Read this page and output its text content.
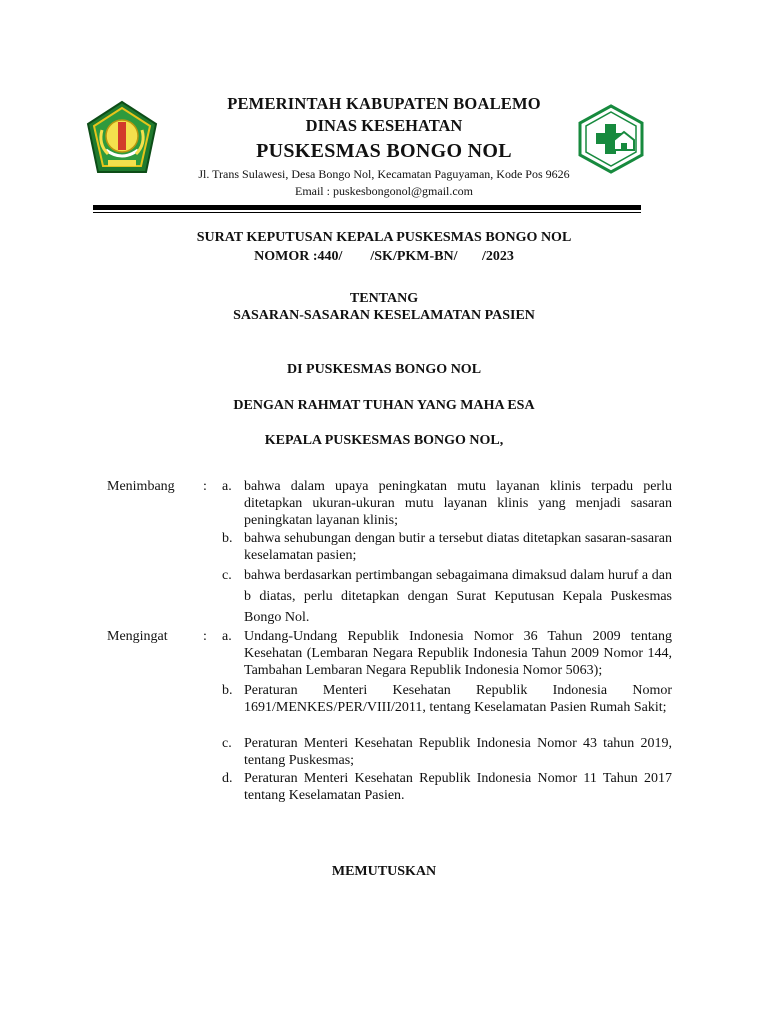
PEMERINTAH KABUPATEN BOALEMO
DINAS KESEHATAN
PUSKESMAS BONGO NOL
Jl. Trans Sulawesi, Desa Bongo Nol, Kecamatan Paguyaman, Kode Pos 9626
Email : puskesbongonol@gmail.com
SURAT KEPUTUSAN KEPALA PUSKESMAS BONGO NOL
NOMOR :440/        /SK/PKM-BN/       /2023
TENTANG
SASARAN-SASARAN KESELAMATAN PASIEN
DI PUSKESMAS BONGO NOL
DENGAN RAHMAT TUHAN YANG MAHA ESA
KEPALA PUSKESMAS BONGO NOL,
Menimbang : a. bahwa dalam upaya peningkatan mutu layanan klinis terpadu perlu ditetapkan ukuran-ukuran mutu layanan klinis yang menjadi sasaran peningkatan layanan klinis;
b. bahwa sehubungan dengan butir a tersebut diatas ditetapkan sasaran-sasaran keselamatan pasien;
c. bahwa berdasarkan pertimbangan sebagaimana dimaksud dalam huruf a dan b diatas, perlu ditetapkan dengan Surat Keputusan Kepala Puskesmas Bongo Nol.
Mengingat	: a. Undang-Undang Republik Indonesia Nomor 36 Tahun 2009 tentang Kesehatan (Lembaran Negara Republik Indonesia Tahun 2009 Nomor 144, Tambahan Lembaran Negara Republik Indonesia Nomor 5063);
b. Peraturan Menteri Kesehatan Republik Indonesia Nomor 1691/MENKES/PER/VIII/2011, tentang Keselamatan Pasien Rumah Sakit;
c. Peraturan Menteri Kesehatan Republik Indonesia Nomor 43 tahun 2019, tentang Puskesmas;
d. Peraturan Menteri Kesehatan Republik Indonesia Nomor 11 Tahun 2017 tentang Keselamatan Pasien.
MEMUTUSKAN
